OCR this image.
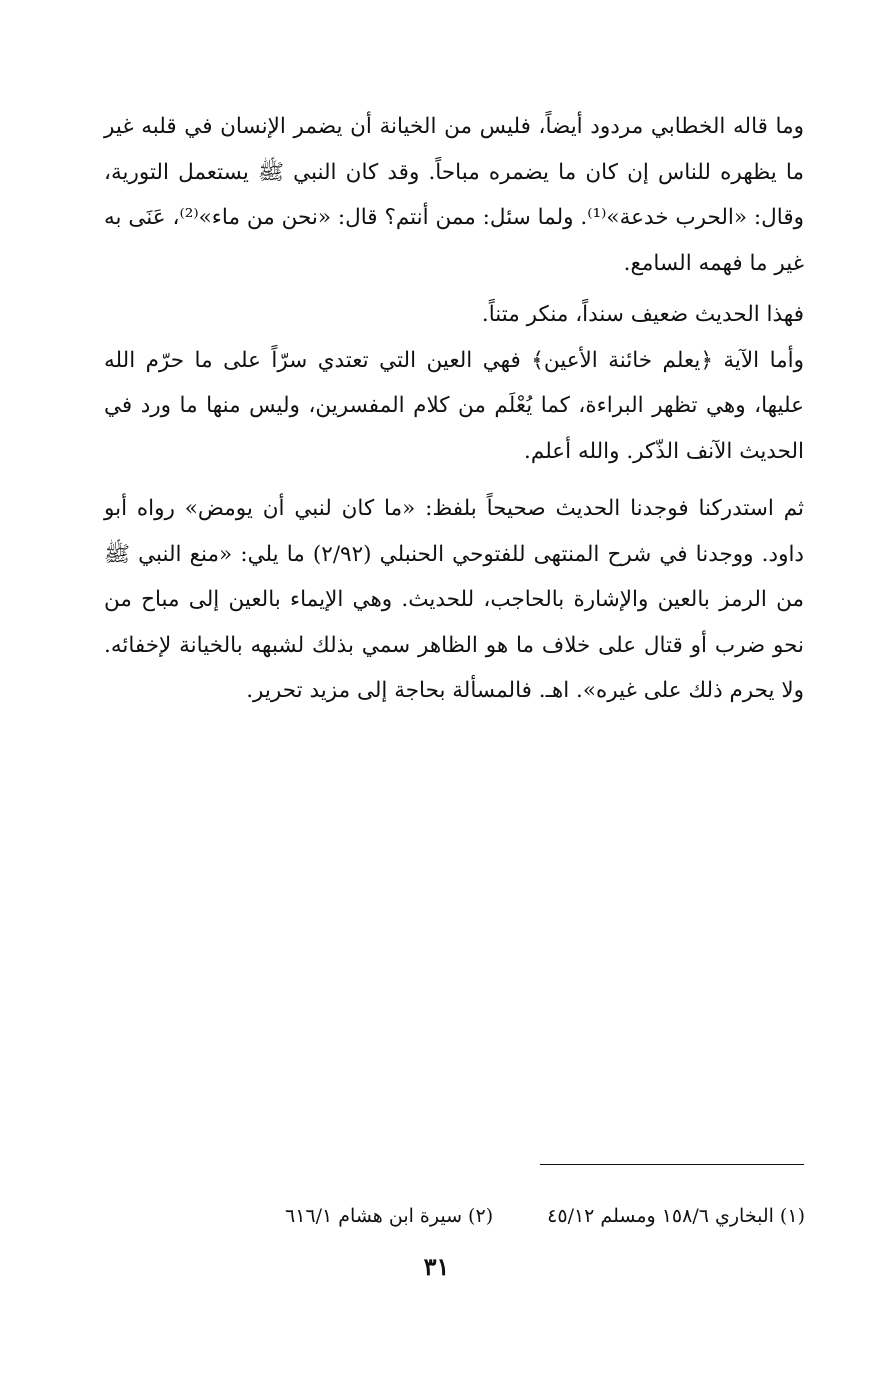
وما قاله الخطابي مردود أيضاً، فليس من الخيانة أن يضمر الإنسان في قلبه غير ما يظهره للناس إن كان ما يضمره مباحاً. وقد كان النبي ﷺ يستعمل التورية، وقال: «الحرب خدعة»⁽¹⁾. ولما سئل: ممن أنتم؟ قال: «نحن من ماء»⁽²⁾، عَنَى به غير ما فهمه السامع.

فهذا الحديث ضعيف سنداً، منكر متناً.

وأما الآية ﴿يعلم خائنة الأعين﴾ فهي العين التي تعتدي سرّاً على ما حرّم الله عليها، وهي تظهر البراءة، كما يُعْلَم من كلام المفسرين، وليس منها ما ورد في الحديث الآنف الذّكر. والله أعلم.

ثم استدركنا فوجدنا الحديث صحيحاً بلفظ: «ما كان لنبي أن يومض» رواه أبو داود. ووجدنا في شرح المنتهى للفتوحي الحنبلي (٢/٩٢) ما يلي: «منع النبي ﷺ من الرمز بالعين والإشارة بالحاجب، للحديث. وهي الإيماء بالعين إلى مباح من نحو ضرب أو قتال على خلاف ما هو الظاهر سمي بذلك لشبهه بالخيانة لإخفائه. ولا يحرم ذلك على غيره». اهـ. فالمسألة بحاجة إلى مزيد تحرير.

(١) البخاري ١٥٨/٦ ومسلم ٤٥/١٢ (٢) سيرة ابن هشام ٦١٦/١
٣١
